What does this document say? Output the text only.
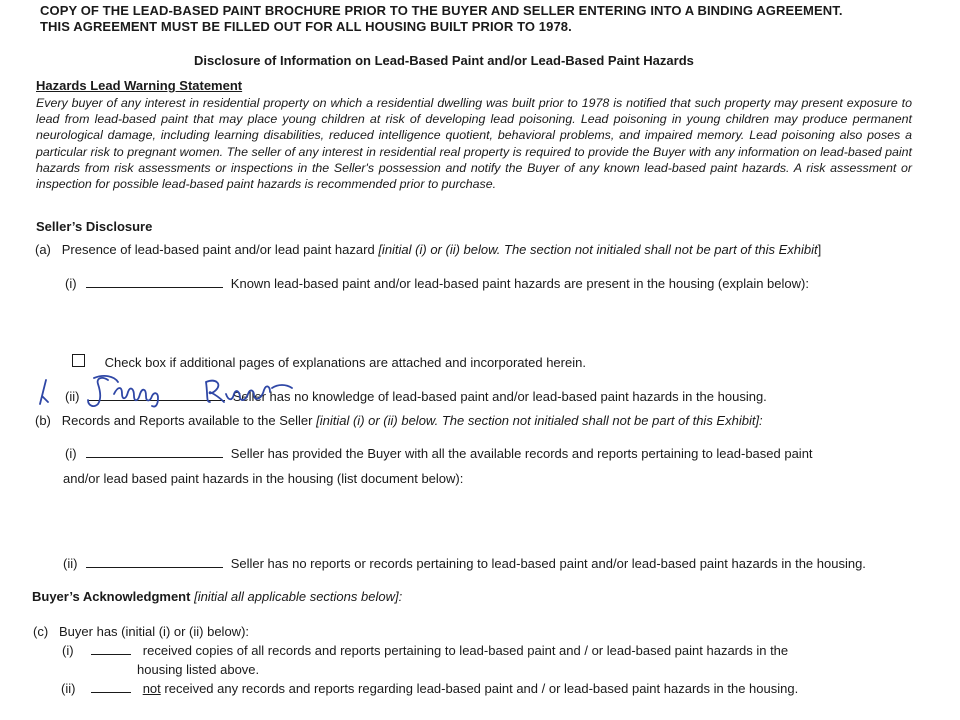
COPY OF THE LEAD-BASED PAINT BROCHURE PRIOR TO THE BUYER AND SELLER ENTERING INTO A BINDING AGREEMENT.
THIS AGREEMENT MUST BE FILLED OUT FOR ALL HOUSING BUILT PRIOR TO 1978.
Disclosure of Information on Lead-Based Paint and/or Lead-Based Paint Hazards
Hazards Lead Warning Statement
Every buyer of any interest in residential property on which a residential dwelling was built prior to 1978 is notified that such property may present exposure to lead from lead-based paint that may place young children at risk of developing lead poisoning. Lead poisoning in young children may produce permanent neurological damage, including learning disabilities, reduced intelligence quotient, behavioral problems, and impaired memory. Lead poisoning also poses a particular risk to pregnant women. The seller of any interest in residential real property is required to provide the Buyer with any information on lead-based paint hazards from risk assessments or inspections in the Seller's possession and notify the Buyer of any known lead-based paint hazards. A risk assessment or inspection for possible lead-based paint hazards is recommended prior to purchase.
Seller’s Disclosure
(a) Presence of lead-based paint and/or lead paint hazard [initial (i) or (ii) below. The section not initialed shall not be part of this Exhibit]
(i)	Known lead-based paint and/or lead-based paint hazards are present in the housing (explain below):
Check box if additional pages of explanations are attached and incorporated herein.
(ii)	Seller has no knowledge of lead-based paint and/or lead-based paint hazards in the housing.
(b) Records and Reports available to the Seller [initial (i) or (ii) below. The section not initialed shall not be part of this Exhibit]:
(i)	Seller has provided the Buyer with all the available records and reports pertaining to lead-based paint
and/or lead based paint hazards in the housing (list document below):
(ii)	Seller has no reports or records pertaining to lead-based paint and/or lead-based paint hazards in the housing.
Buyer’s Acknowledgment [initial all applicable sections below]:
(c) Buyer has (initial (i) or (ii) below):
(i)	received copies of all records and reports pertaining to lead-based paint and / or lead-based paint hazards in the
housing listed above.
(ii)	not received any records and reports regarding lead-based paint and / or lead-based paint hazards in the housing.
